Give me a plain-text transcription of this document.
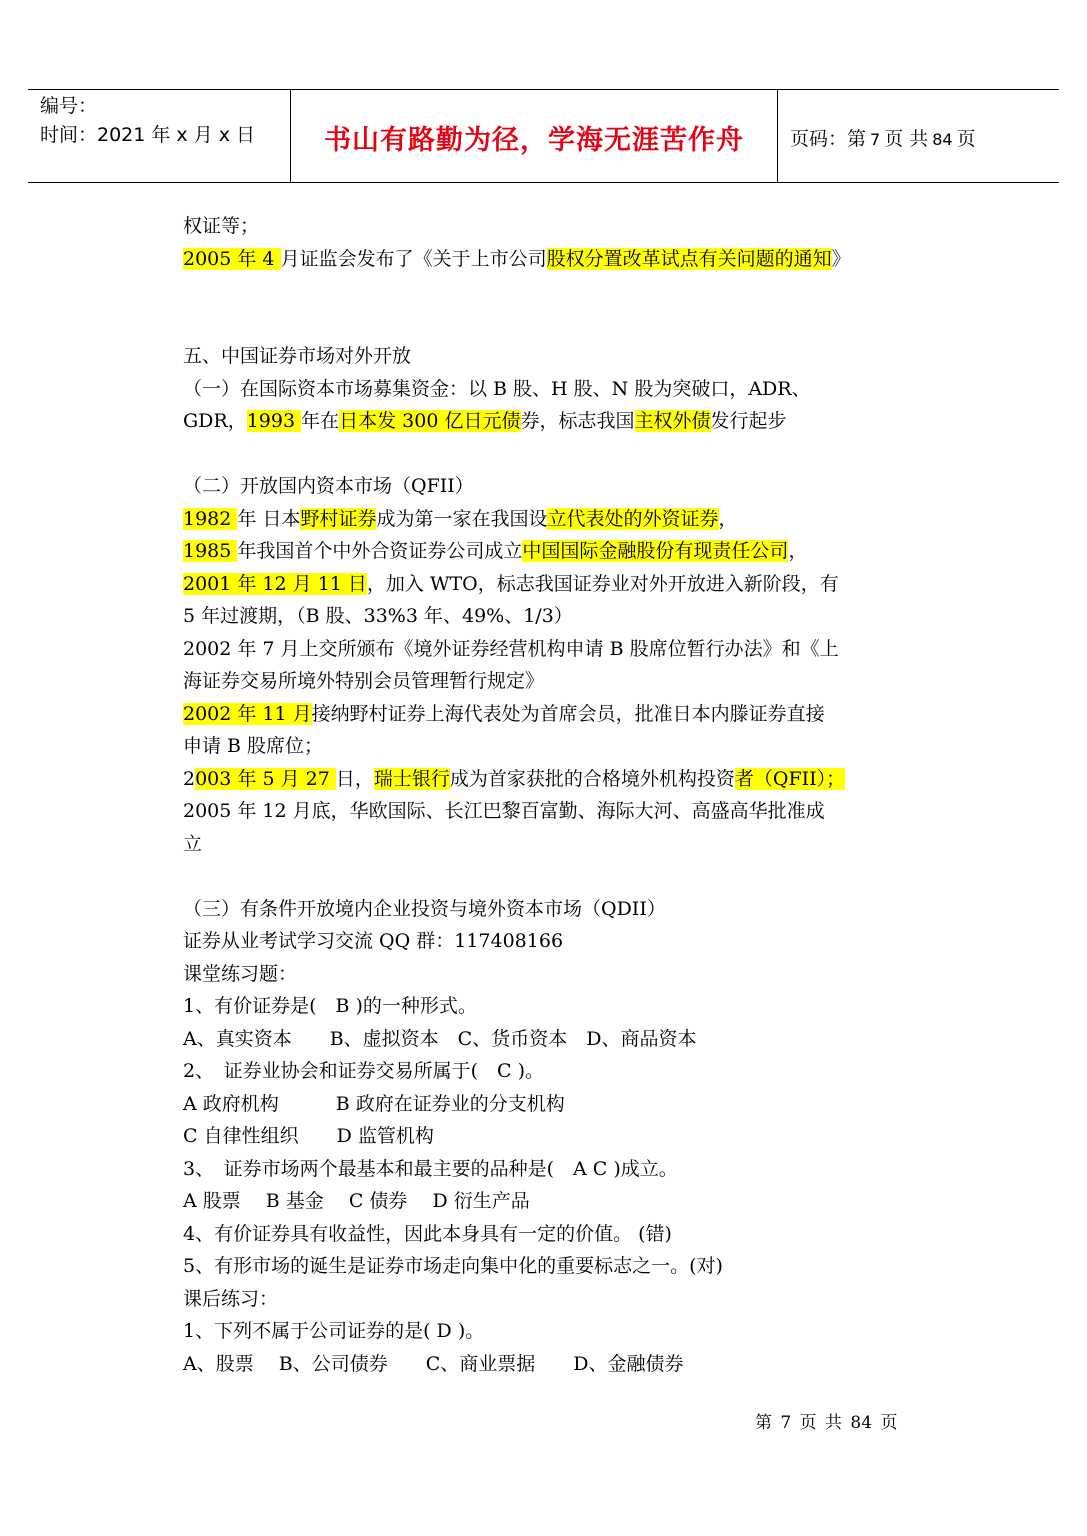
编号：
时间：2021 年 x 月 x 日	书山有路勤为径，学海无涯苦作舟	页码：第 7 页 共 84 页
权证等；
2005 年 4 月证监会发布了《关于上市公司股权分置改革试点有关问题的通知》
五、中国证券市场对外开放
（一）在国际资本市场募集资金：以 B 股、H 股、N 股为突破口，ADR、
GDR，1993 年在日本发 300 亿日元债券，标志我国主权外债发行起步
（二）开放国内资本市场（QFII）
1982 年 日本野村证券成为第一家在我国设立代表处的外资证券，
1985 年我国首个中外合资证券公司成立中国国际金融股份有现责任公司，
2001 年 12 月 11 日，加入 WTO，标志我国证券业对外开放进入新阶段，有
5 年过渡期，（B 股、33%3 年、49%、1/3）
2002 年 7 月上交所颁布《境外证券经营机构申请 B 股席位暂行办法》和《上
海证券交易所境外特别会员管理暂行规定》
2002 年 11 月接纳野村证券上海代表处为首席会员，批准日本内滕证券直接
申请 B 股席位；
2003 年 5 月 27 日，瑞士银行成为首家获批的合格境外机构投资者（QFII）；
2005 年 12 月底，华欧国际、长江巴黎百富勤、海际大河、高盛高华批准成
立
（三）有条件开放境内企业投资与境外资本市场（QDII）
证券从业考试学习交流 QQ 群：117408166
课堂练习题：
1、有价证券是(　B )的一种形式。
A、真实资本　　B、虚拟资本　C、货币资本　D、商品资本
2、　证券业协会和证券交易所属于(　C )。
A 政府机构　　　B 政府在证券业的分支机构
C 自律性组织　　D 监管机构
3、　证券市场两个最基本和最主要的品种是(　A C )成立。
A 股票　 B 基金　 C 债券　 D 衍生产品
4、有价证券具有收益性，因此本身具有一定的价值。 (错)
5、有形市场的诞生是证券市场走向集中化的重要标志之一。(对)
课后练习：
1、下列不属于公司证券的是( D )。
A、股票　 B、公司债券　　C、商业票据　　D、金融债券
第 7 页 共 84 页
